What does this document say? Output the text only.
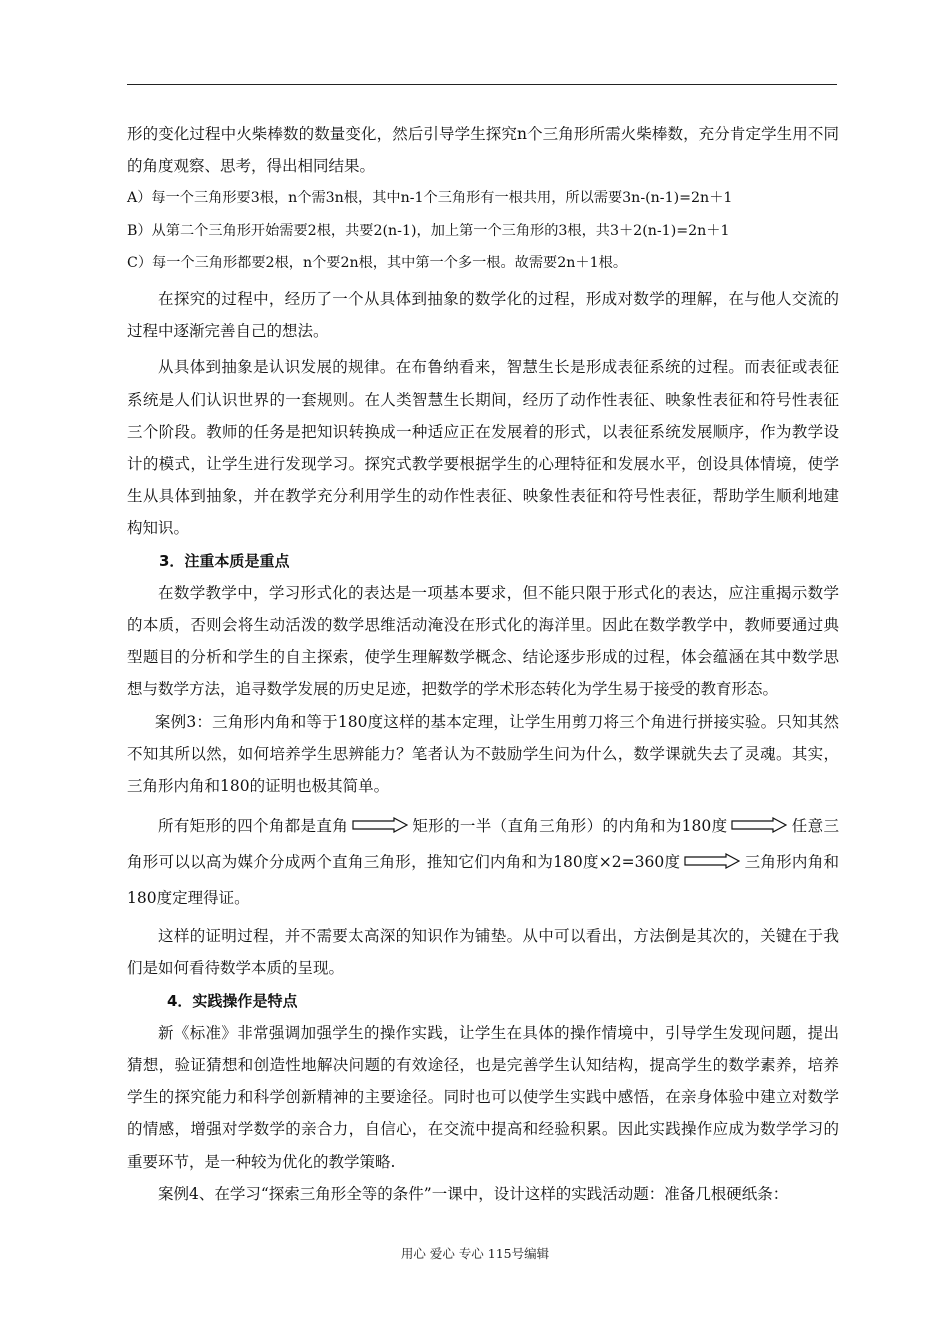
形的变化过程中火柴棒数的数量变化，然后引导学生探究n个三角形所需火柴棒数，充分肯定学生用不同的角度观察、思考，得出相同结果。

A）每一个三角形要3根，n个需3n根，其中n-1个三角形有一根共用，所以需要3n-(n-1)=2n＋1

B）从第二个三角形开始需要2根，共要2(n-1)，加上第一个三角形的3根，共3＋2(n-1)=2n＋1

C）每一个三角形都要2根，n个要2n根，其中第一个多一根。故需要2n＋1根。

在探究的过程中，经历了一个从具体到抽象的数学化的过程，形成对数学的理解，在与他人交流的过程中逐渐完善自己的想法。

从具体到抽象是认识发展的规律。在布鲁纳看来，智慧生长是形成表征系统的过程。而表征或表征系统是人们认识世界的一套规则。在人类智慧生长期间，经历了动作性表征、映象性表征和符号性表征三个阶段。教师的任务是把知识转换成一种适应正在发展着的形式，以表征系统发展顺序，作为教学设计的模式，让学生进行发现学习。探究式教学要根据学生的心理特征和发展水平，创设具体情境，使学生从具体到抽象，并在教学充分利用学生的动作性表征、映象性表征和符号性表征，帮助学生顺利地建构知识。

3．注重本质是重点

在数学教学中，学习形式化的表达是一项基本要求，但不能只限于形式化的表达，应注重揭示数学的本质，否则会将生动活泼的数学思维活动淹没在形式化的海洋里。因此在数学教学中，教师要通过典型题目的分析和学生的自主探索，使学生理解数学概念、结论逐步形成的过程，体会蕴涵在其中数学思想与数学方法，追寻数学发展的历史足迹，把数学的学术形态转化为学生易于接受的教育形态。

案例3：三角形内角和等于180度这样的基本定理，让学生用剪刀将三个角进行拼接实验。只知其然不知其所以然，如何培养学生思辨能力？笔者认为不鼓励学生问为什么，数学课就失去了灵魂。其实，三角形内角和180的证明也极其简单。

所有矩形的四个角都是直角	矩形的一半（直角三角形）的内角和为180度	任意三角形可以以高为媒介分成两个直角三角形，推知它们内角和为180度×2=360度	三角形内角和180度定理得证。

这样的证明过程，并不需要太高深的知识作为铺垫。从中可以看出，方法倒是其次的，关键在于我们是如何看待数学本质的呈现。

4．实践操作是特点

新《标准》非常强调加强学生的操作实践，让学生在具体的操作情境中，引导学生发现问题，提出猜想，验证猜想和创造性地解决问题的有效途径，也是完善学生认知结构，提高学生的数学素养，培养学生的探究能力和科学创新精神的主要途径。同时也可以使学生实践中感悟，在亲身体验中建立对数学的情感，增强对学数学的亲合力，自信心，在交流中提高和经验积累。因此实践操作应成为数学学习的重要环节，是一种较为优化的教学策略.

案例4、在学习“探索三角形全等的条件”一课中，设计这样的实践活动题：准备几根硬纸条：

用心 爱心 专心 115号编辑
